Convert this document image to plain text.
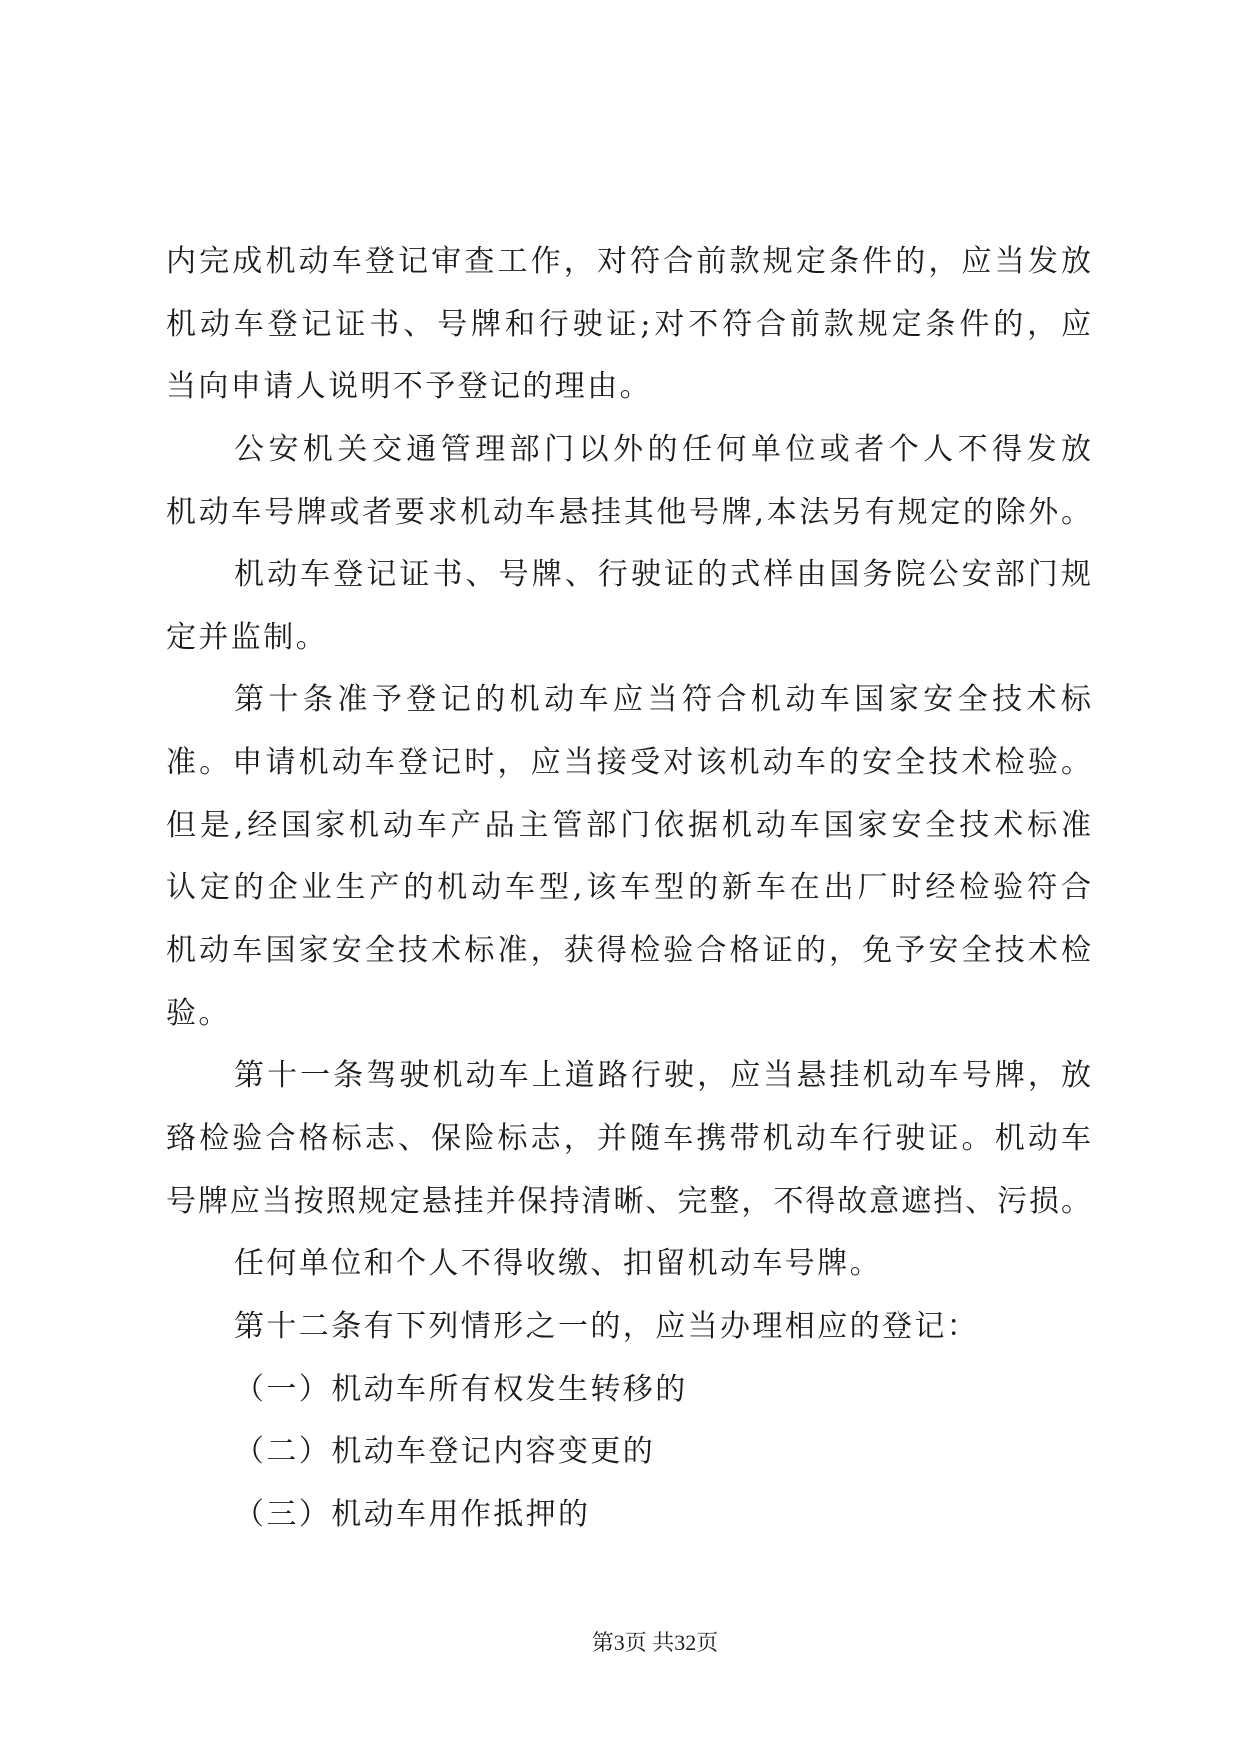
内完成机动车登记审查工作，对符合前款规定条件的，应当发放
机动车登记证书、号牌和行驶证;对不符合前款规定条件的，应
当向申请人说明不予登记的理由。
公安机关交通管理部门以外的任何单位或者个人不得发放
机动车号牌或者要求机动车悬挂其他号牌,本法另有规定的除外。
机动车登记证书、号牌、行驶证的式样由国务院公安部门规
定并监制。
第十条准予登记的机动车应当符合机动车国家安全技术标
准。申请机动车登记时，应当接受对该机动车的安全技术检验。
但是,经国家机动车产品主管部门依据机动车国家安全技术标准
认定的企业生产的机动车型,该车型的新车在出厂时经检验符合
机动车国家安全技术标准，获得检验合格证的，免予安全技术检
验。
第十一条驾驶机动车上道路行驶，应当悬挂机动车号牌，放
臵检验合格标志、保险标志，并随车携带机动车行驶证。机动车
号牌应当按照规定悬挂并保持清晰、完整，不得故意遮挡、污损。
任何单位和个人不得收缴、扣留机动车号牌。
第十二条有下列情形之一的，应当办理相应的登记：
（一）机动车所有权发生转移的
（二）机动车登记内容变更的
（三）机动车用作抵押的
第3页 共32页
